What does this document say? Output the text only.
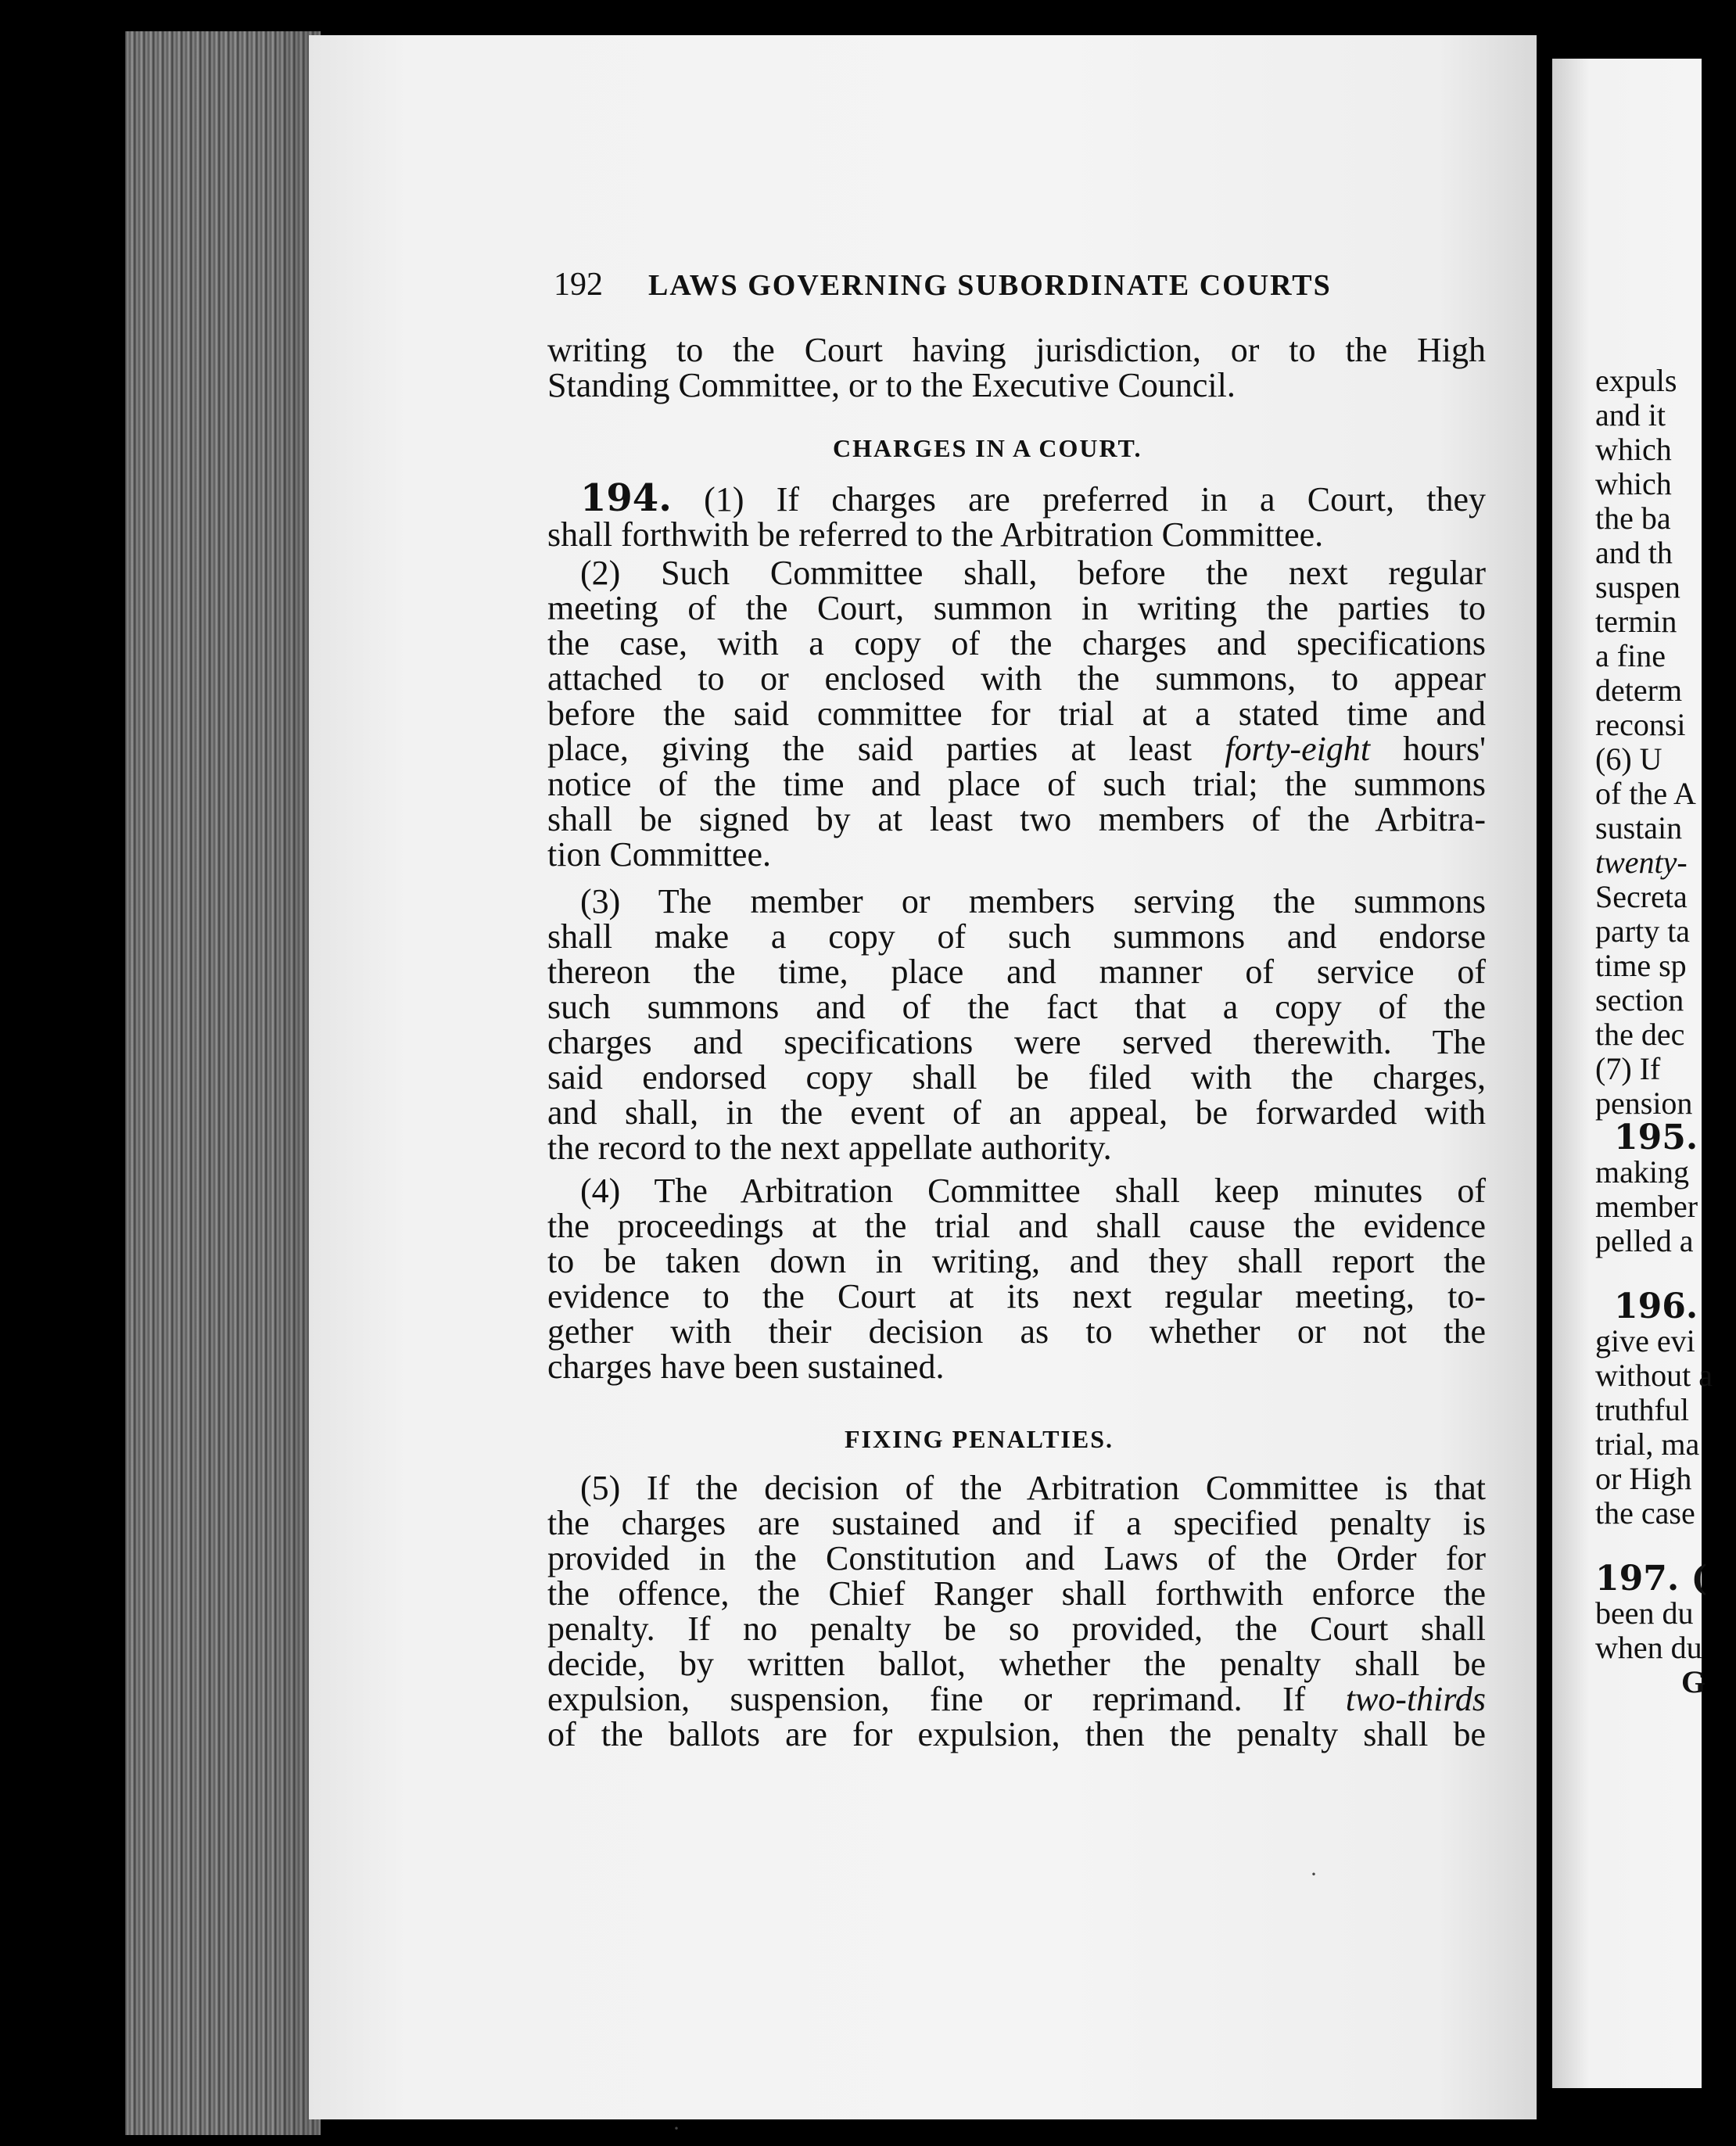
192 LAWS GOVERNING SUBORDINATE COURTS

writing to the Court having jurisdiction, or to the High

Standing Committee, or to the Executive Council.

CHARGES IN A COURT.

194. (1) If charges are preferred in a Court, they

shall forthwith be referred to the Arbitration Committee.

(2) Such Committee shall, before the next regular

meeting of the Court, summon in writing the parties to

the case, with a copy of the charges and specifications

attached to or enclosed with the summons, to appear

before the said committee for trial at a stated time and

place, giving the said parties at least forty-eight hours'

notice of the time and place of such trial; the summons

shall be signed by at least two members of the Arbitra-

tion Committee.

(3) The member or members serving the summons

shall make a copy of such summons and endorse

thereon the time, place and manner of service of

such summons and of the fact that a copy of the

charges and specifications were served therewith. The

said endorsed copy shall be filed with the charges,

and shall, in the event of an appeal, be forwarded with

the record to the next appellate authority.

(4) The Arbitration Committee shall keep minutes of

the proceedings at the trial and shall cause the evidence

to be taken down in writing, and they shall report the

evidence to the Court at its next regular meeting, to-

gether with their decision as to whether or not the

charges have been sustained.

FIXING PENALTIES.

(5) If the decision of the Arbitration Committee is that

the charges are sustained and if a specified penalty is

provided in the Constitution and Laws of the Order for

the offence, the Chief Ranger shall forthwith enforce the

penalty. If no penalty be so provided, the Court shall

decide, by written ballot, whether the penalty shall be

expulsion, suspension, fine or reprimand. If two-thirds

of the ballots are for expulsion, then the penalty shall be

expuls
and it
which
which
the ba
and th
suspen
termin
a fine
determ
reconsi
(6) U
of the A
sustain
twenty-
Secreta
party ta
time sp
section
the dec
(7) If
pension
195.
making
member
pelled a
196.
give evi
without a
truthful
trial, ma
or High
the case
197. (
been du
when du
G
·
·
